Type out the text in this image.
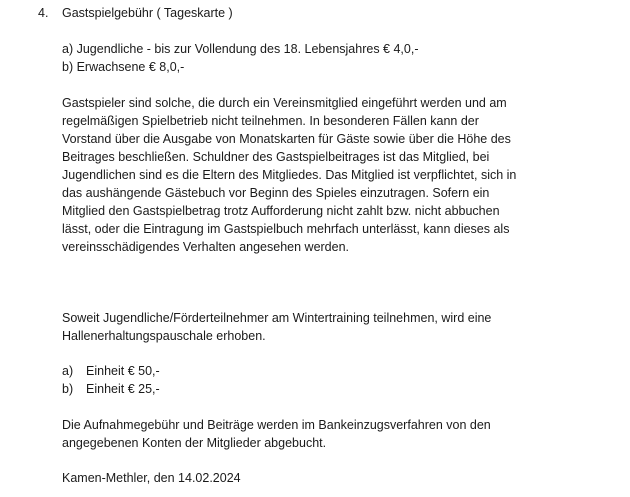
4. Gastspielgebühr ( Tageskarte )
a) Jugendliche - bis zur Vollendung des 18. Lebensjahres € 4,0,-
b) Erwachsene € 8,0,-
Gastspieler sind solche, die durch ein Vereinsmitglied eingeführt werden und am
regelmäßigen Spielbetrieb nicht teilnehmen. In besonderen Fällen kann der
Vorstand über die Ausgabe von Monatskarten für Gäste sowie über die Höhe des
Beitrages beschließen. Schuldner des Gastspielbeitrages ist das Mitglied, bei
Jugendlichen sind es die Eltern des Mitgliedes. Das Mitglied ist verpflichtet, sich in
das aushängende Gästebuch vor Beginn des Spieles einzutragen. Sofern ein
Mitglied den Gastspielbetrag trotz Aufforderung nicht zahlt bzw. nicht abbuchen
lässt, oder die Eintragung im Gastspielbuch mehrfach unterlässt, kann dieses als
vereinsschädigendes Verhalten angesehen werden.
Soweit Jugendliche/Förderteilnehmer am Wintertraining teilnehmen, wird eine
Hallenerhaltungspauschale erhoben.
a) Einheit € 50,-
b) Einheit € 25,-
Die Aufnahmegebühr und Beiträge werden im Bankeinzugsverfahren von den
angegebenen Konten der Mitglieder abgebucht.
Kamen-Methler, den 14.02.2024
